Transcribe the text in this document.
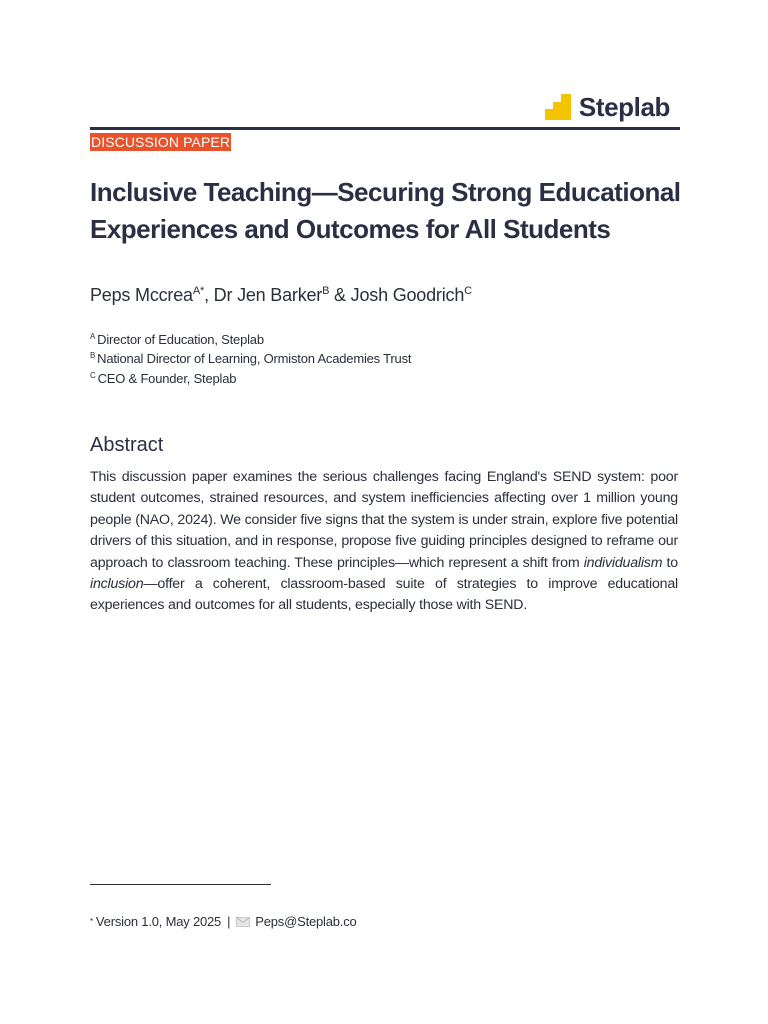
Steplab
DISCUSSION PAPER
Inclusive Teaching—Securing Strong Educational Experiences and Outcomes for All Students
Peps Mccrea$^{A*}$, Dr Jen Barker$^B$ & Josh Goodrich$^C$
$^A$ Director of Education, Steplab
$^B$ National Director of Learning, Ormiston Academies Trust
$^C$ CEO & Founder, Steplab
Abstract

This discussion paper examines the serious challenges facing England's SEND system: poor student outcomes, strained resources, and system inefficiencies affecting over 1 million young people (NAO, 2024). We consider five signs that the system is under strain, explore five potential drivers of this situation, and in response, propose five guiding principles designed to reframe our approach to classroom teaching. These principles—which represent a shift from individualism to inclusion—offer a coherent, classroom-based suite of strategies to improve educational experiences and outcomes for all students, especially those with SEND.

* Version 1.0, May 2025 | Peps@Steplab.co
